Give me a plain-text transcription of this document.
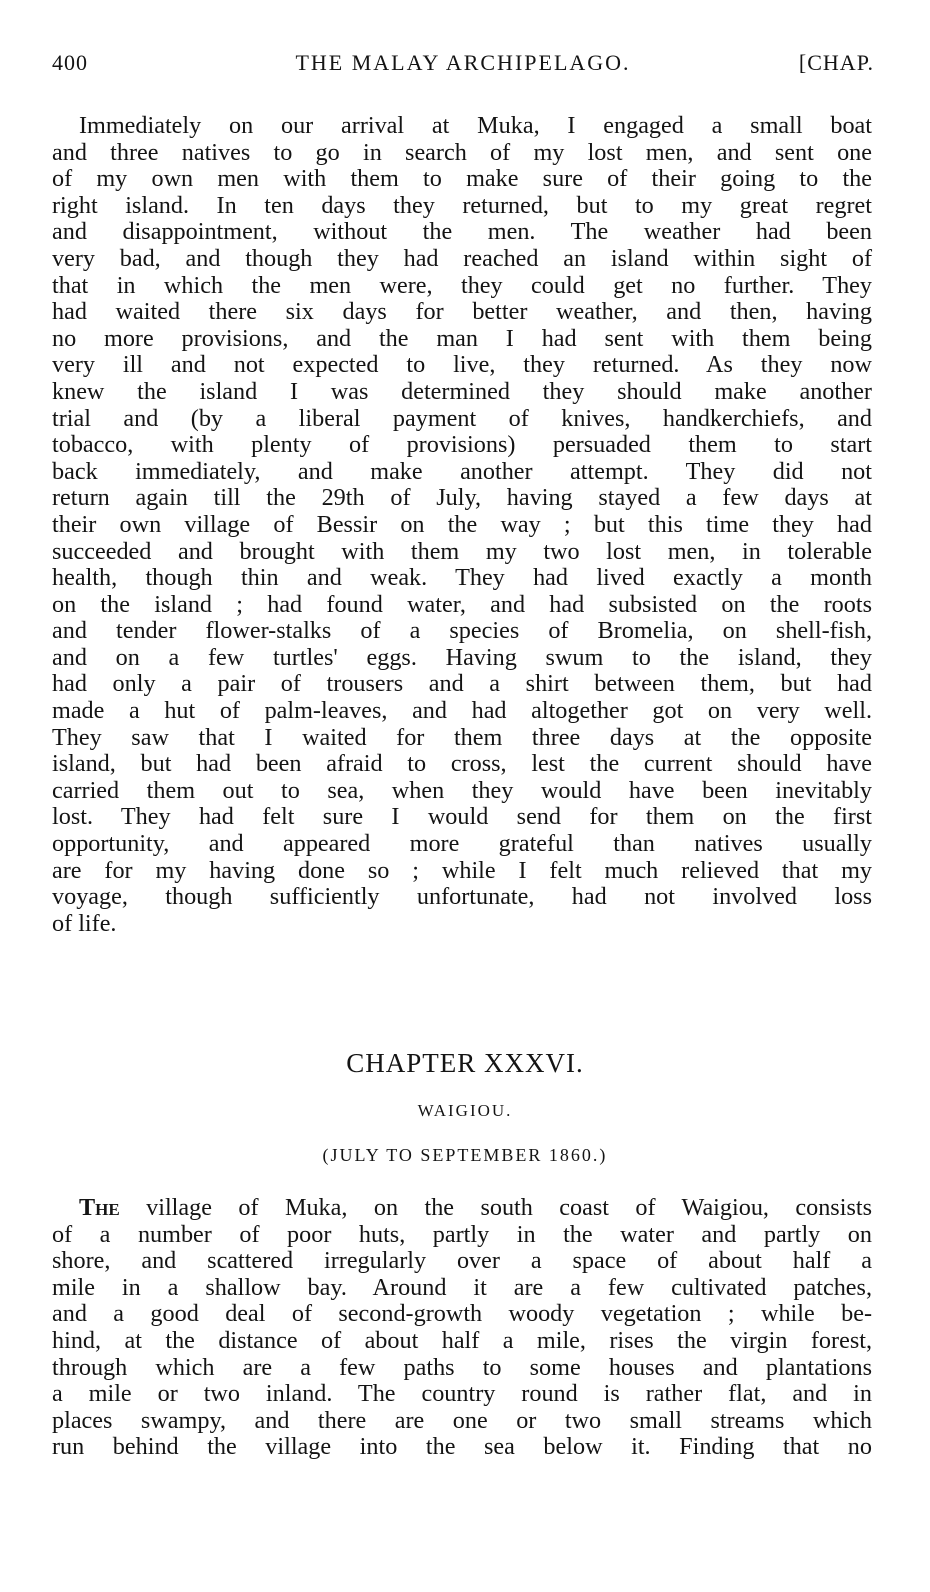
400	THE MALAY ARCHIPELAGO.	[CHAP.
Immediately on our arrival at Muka, I engaged a small boat
and three natives to go in search of my lost men, and sent one
of my own men with them to make sure of their going to the
right island. In ten days they returned, but to my great regret
and disappointment, without the men. The weather had been
very bad, and though they had reached an island within sight of
that in which the men were, they could get no further. They
had waited there six days for better weather, and then, having
no more provisions, and the man I had sent with them being
very ill and not expected to live, they returned. As they now
knew the island I was determined they should make another
trial and (by a liberal payment of knives, handkerchiefs, and
tobacco, with plenty of provisions) persuaded them to start
back immediately, and make another attempt. They did not
return again till the 29th of July, having stayed a few days at
their own village of Bessir on the way ; but this time they had
succeeded and brought with them my two lost men, in tolerable
health, though thin and weak. They had lived exactly a month
on the island ; had found water, and had subsisted on the roots
and tender flower-stalks of a species of Bromelia, on shell-fish,
and on a few turtles' eggs. Having swum to the island, they
had only a pair of trousers and a shirt between them, but had
made a hut of palm-leaves, and had altogether got on very well.
They saw that I waited for them three days at the opposite
island, but had been afraid to cross, lest the current should have
carried them out to sea, when they would have been inevitably
lost. They had felt sure I would send for them on the first
opportunity, and appeared more grateful than natives usually
are for my having done so ; while I felt much relieved that my
voyage, though sufficiently unfortunate, had not involved loss
of life.
CHAPTER XXXVI.
WAIGIOU.
(JULY TO SEPTEMBER 1860.)
The village of Muka, on the south coast of Waigiou, consists
of a number of poor huts, partly in the water and partly on
shore, and scattered irregularly over a space of about half a
mile in a shallow bay. Around it are a few cultivated patches,
and a good deal of second-growth woody vegetation ; while be-
hind, at the distance of about half a mile, rises the virgin forest,
through which are a few paths to some houses and plantations
a mile or two inland. The country round is rather flat, and in
places swampy, and there are one or two small streams which
run behind the village into the sea below it. Finding that no
